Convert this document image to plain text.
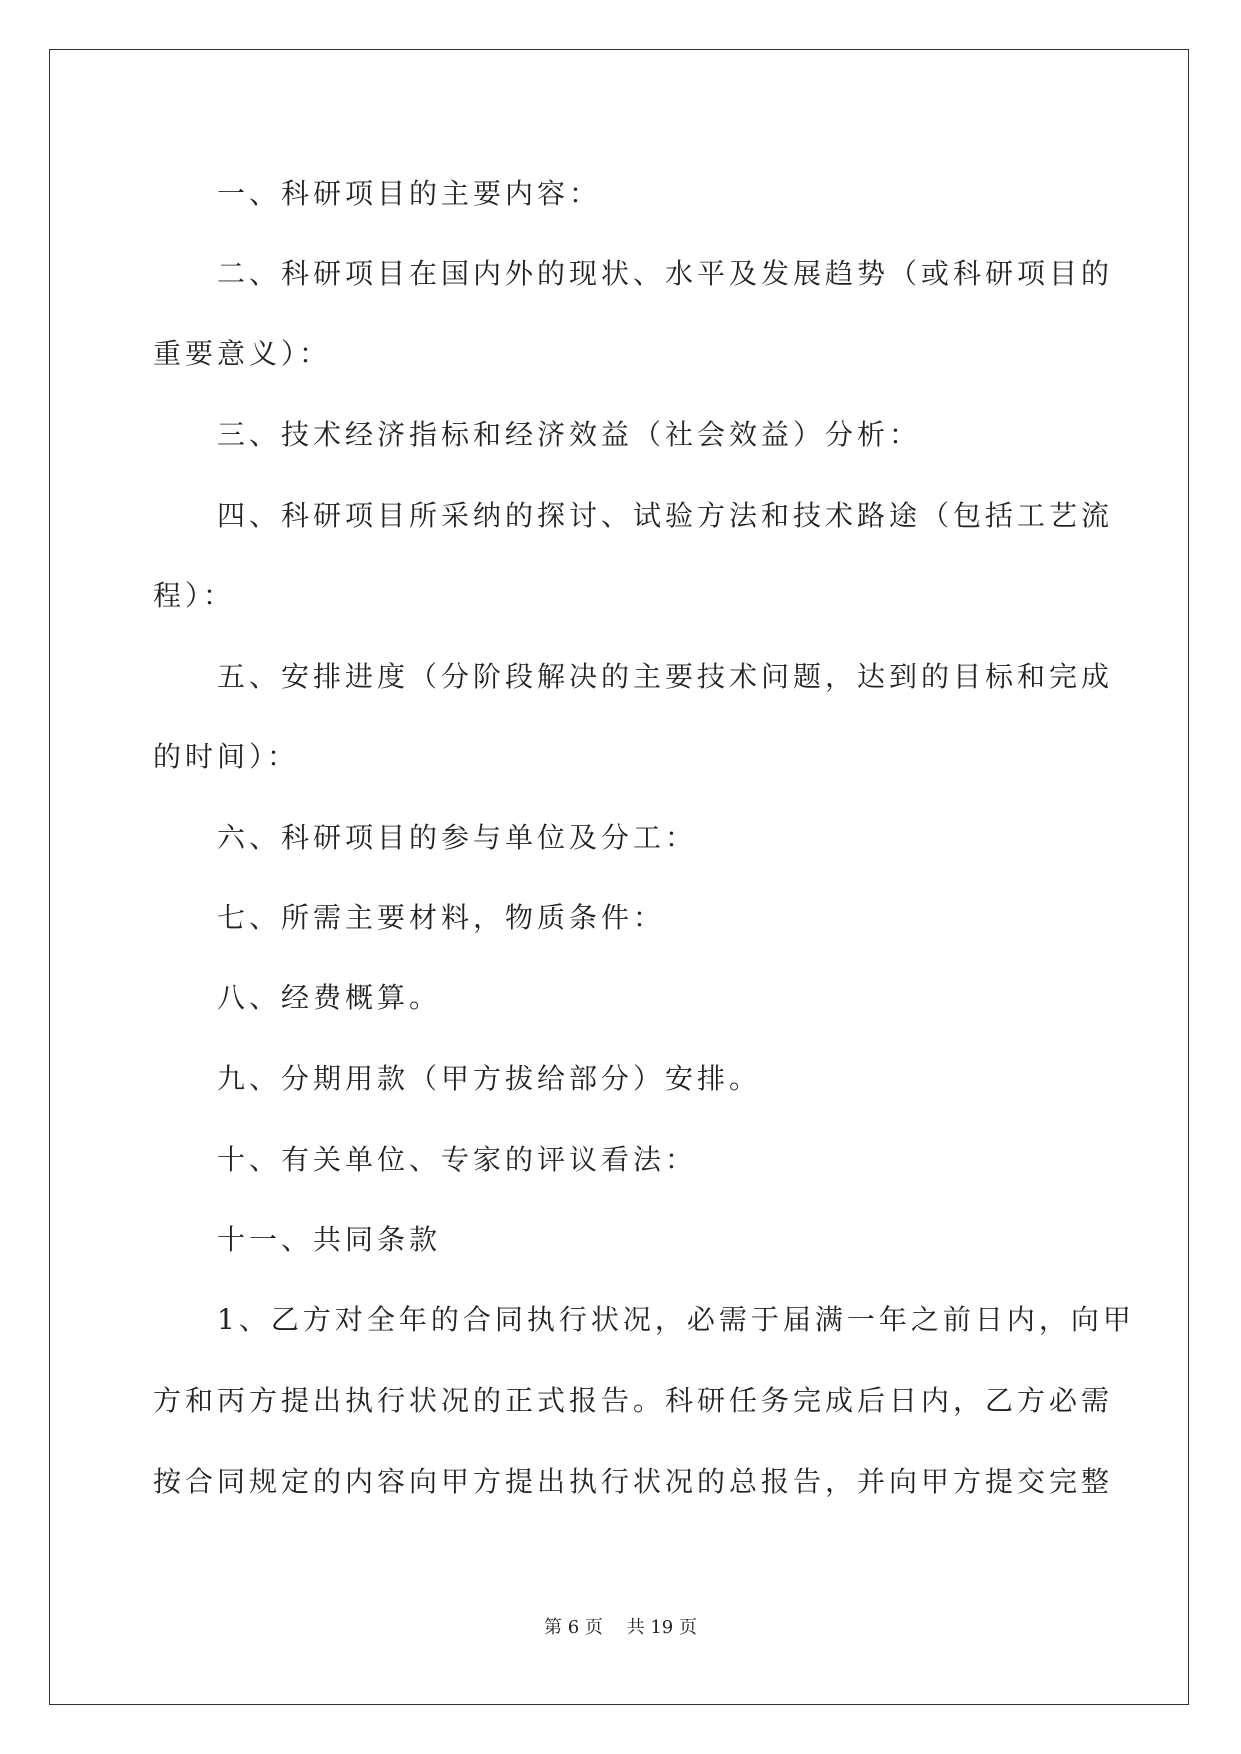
　　一、科研项目的主要内容：
　　二、科研项目在国内外的现状、水平及发展趋势（或科研项目的
重要意义）：
　　三、技术经济指标和经济效益（社会效益）分析：
　　四、科研项目所采纳的探讨、试验方法和技术路途（包括工艺流
程）：
　　五、安排进度（分阶段解决的主要技术问题，达到的目标和完成
的时间）：
　　六、科研项目的参与单位及分工：
　　七、所需主要材料，物质条件：
　　八、经费概算。
　　九、分期用款（甲方拔给部分）安排。
　　十、有关单位、专家的评议看法：
　　十一、共同条款
　　1、乙方对全年的合同执行状况，必需于届满一年之前日内，向甲
方和丙方提出执行状况的正式报告。科研任务完成后日内，乙方必需
按合同规定的内容向甲方提出执行状况的总报告，并向甲方提交完整
第 6 页　 共 19 页
